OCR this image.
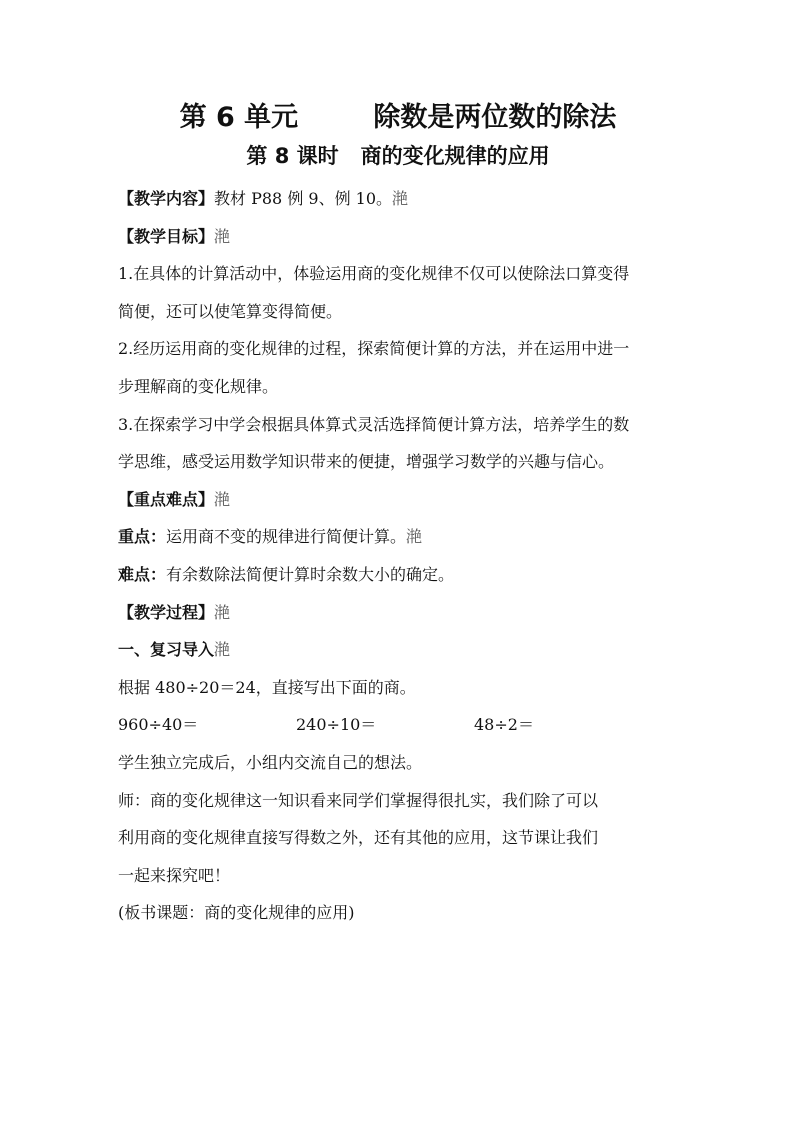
第 6 单元	除数是两位数的除法
第 8 课时 商的变化规律的应用

【教学内容】教材 P88 例 9、例 10。滟

【教学目标】滟

1.在具体的计算活动中，体验运用商的变化规律不仅可以使除法口算变得

简便，还可以使笔算变得简便。

2.经历运用商的变化规律的过程，探索简便计算的方法，并在运用中进一

步理解商的变化规律。

3.在探索学习中学会根据具体算式灵活选择简便计算方法，培养学生的数

学思维，感受运用数学知识带来的便捷，增强学习数学的兴趣与信心。

【重点难点】滟

重点：运用商不变的规律进行简便计算。滟

难点：有余数除法简便计算时余数大小的确定。

【教学过程】滟

一、复习导入滟

根据 480÷20＝24，直接写出下面的商。

960÷40＝	240÷10＝	48÷2＝

学生独立完成后，小组内交流自己的想法。

师：商的变化规律这一知识看来同学们掌握得很扎实，我们除了可以

利用商的变化规律直接写得数之外，还有其他的应用，这节课让我们

一起来探究吧！

(板书课题：商的变化规律的应用)
